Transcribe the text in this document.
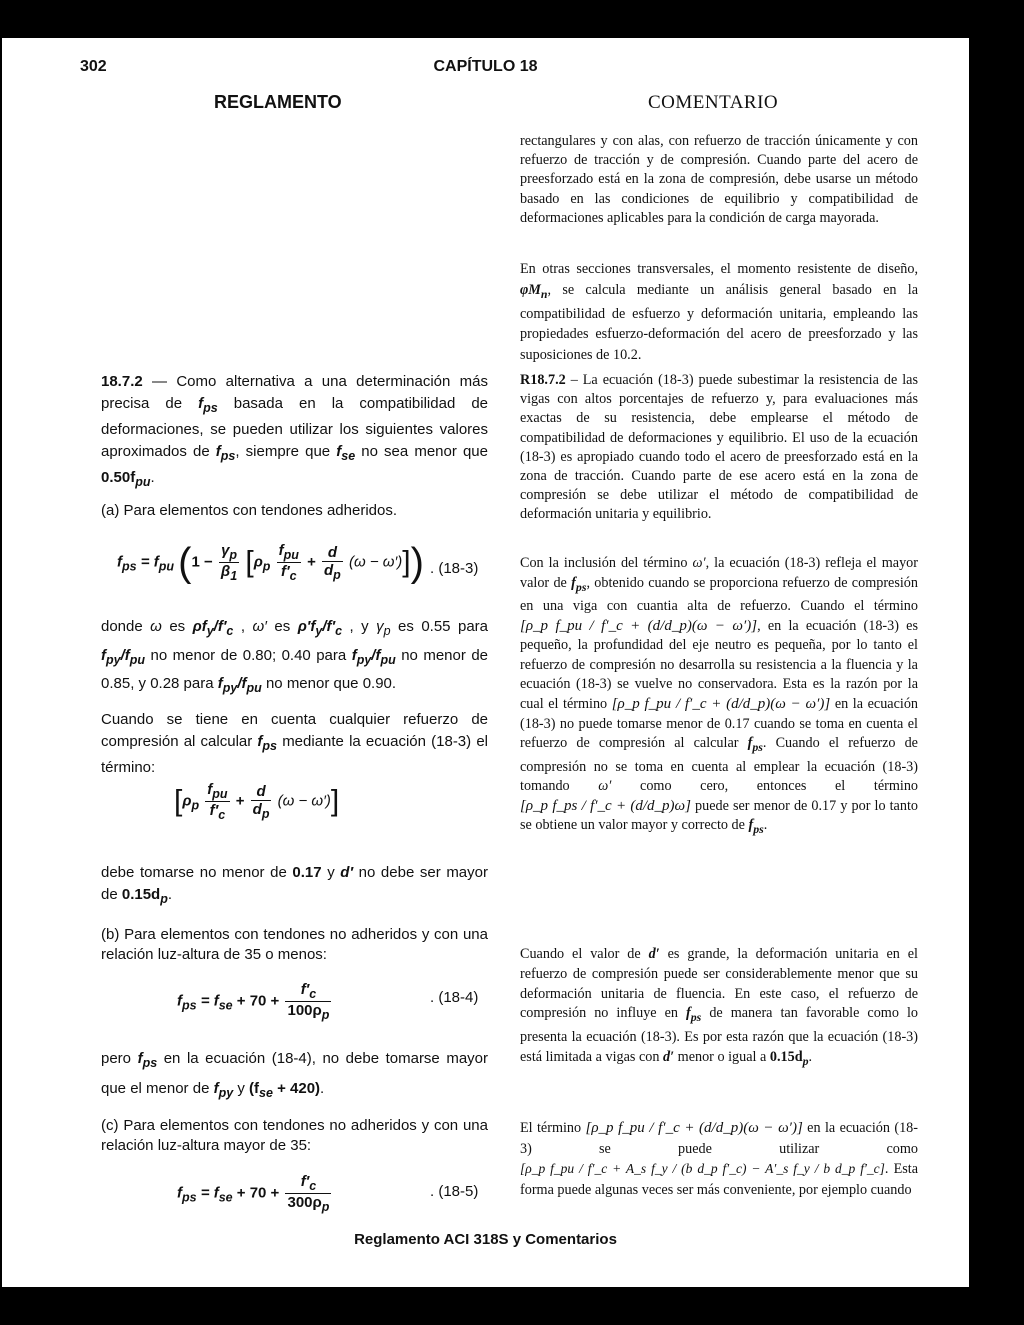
302	CAPÍTULO 18
REGLAMENTO	COMENTARIO

rectangulares y con alas, con refuerzo de tracción únicamente y con refuerzo de tracción y de compresión. Cuando parte del acero de preesforzado está en la zona de compresión, debe usarse un método basado en las condiciones de equilibrio y compatibilidad de deformaciones aplicables para la condición de carga mayorada.

En otras secciones transversales, el momento resistente de diseño, $\varphi M_n$, se calcula mediante un análisis general basado en la compatibilidad de esfuerzo y deformación unitaria, empleando las propiedades esfuerzo-deformación del acero de preesforzado y las suposiciones de 10.2.

R18.7.2 – La ecuación (18-3) puede subestimar la resistencia de las vigas con altos porcentajes de refuerzo y, para evaluaciones más exactas de su resistencia, debe emplearse el método de compatibilidad de deformaciones y equilibrio. El uso de la ecuación (18-3) es apropiado cuando todo el acero de preesforzado está en la zona de tracción. Cuando parte de ese acero está en la zona de compresión se debe utilizar el método de compatibilidad de deformación unitaria y equilibrio.

Con la inclusión del término ω′, la ecuación (18-3) refleja el mayor valor de $f_{ps}$, obtenido cuando se proporciona refuerzo de compresión en una viga con cuantia alta de refuerzo. Cuando el término [ρ_p f_pu / f′_c + (d/d_p)(ω − ω′)], en la ecuación (18-3) es pequeño, la profundidad del eje neutro es pequeña, por lo tanto el refuerzo de compresión no desarrolla su resistencia a la fluencia y la ecuación (18-3) se vuelve no conservadora. Esta es la razón por la cual el término [ρ_p f_pu / f′_c + (d/d_p)(ω − ω′)] en la ecuación (18-3) no puede tomarse menor de 0.17 cuando se toma en cuenta el refuerzo de compresión al calcular $f_{ps}$. Cuando el refuerzo de compresión no se toma en cuenta al emplear la ecuación (18-3) tomando ω′ como cero, entonces el término [ρ_p f_ps / f′_c + (d/d_p)ω] puede ser menor de 0.17 y por lo tanto se obtiene un valor mayor y correcto de $f_{ps}$.

Cuando el valor de d′ es grande, la deformación unitaria en el refuerzo de compresión puede ser considerablemente menor que su deformación unitaria de fluencia. En este caso, el refuerzo de compresión no influye en $f_{ps}$ de manera tan favorable como lo presenta la ecuación (18-3). Es por esta razón que la ecuación (18-3) está limitada a vigas con d′ menor o igual a $0.15d_p$.

El término [ρ_p f_pu / f′_c + (d/d_p)(ω − ω′)] en la ecuación (18-3) se puede utilizar como [ρ_p f_pu / f′_c + A_s f_y / (b d_p f′_c) − A′_s f_y / b d_p f′_c]. Esta forma puede algunas veces ser más conveniente, por ejemplo cuando

18.7.2 — Como alternativa a una determinación más precisa de $f_{ps}$ basada en la compatibilidad de deformaciones, se pueden utilizar los siguientes valores aproximados de $f_{ps}$, siempre que $f_{se}$ no sea menor que $0.50f_{pu}$.

(a) Para elementos con tendones adheridos.
$f_{ps} = f_{pu}$ $(1 - \frac{\gamma_p}{\beta_1} [\rho_p \frac{f_{pu}}{f'_c} + \frac{d}{d_p} (\omega - \omega')])$ . (18-3)

donde ω es $\rho f_y/f'_c$ , ω′ es $\rho'f_y/f'_c$ , y $\gamma_p$ es 0.55 para $f_{py}/f_{pu}$ no menor de 0.80; 0.40 para $f_{py}/f_{pu}$ no menor de 0.85, y 0.28 para $f_{py}/f_{pu}$ no menor que 0.90.

Cuando se tiene en cuenta cualquier refuerzo de compresión al calcular $f_{ps}$ mediante la ecuación (18-3) el término:

$[\rho_p \frac{f_{pu}}{f'_c} + \frac{d}{d_p} (\omega - \omega')]$

debe tomarse no menor de 0.17 y d′ no debe ser mayor de $0.15d_p$.

(b) Para elementos con tendones no adheridos y con una relación luz-altura de 35 o menos:
$f_{ps} = f_{se} + 70 + \frac{f'_c}{100\rho_p}$	. (18-4)

pero $f_{ps}$ en la ecuación (18-4), no debe tomarse mayor que el menor de $f_{py}$ y $(f_{se} + 420)$.

(c) Para elementos con tendones no adheridos y con una relación luz-altura mayor de 35:
$f_{ps} = f_{se} + 70 + \frac{f'_c}{300\rho_p}$	. (18-5)
Reglamento ACI 318S y Comentarios
